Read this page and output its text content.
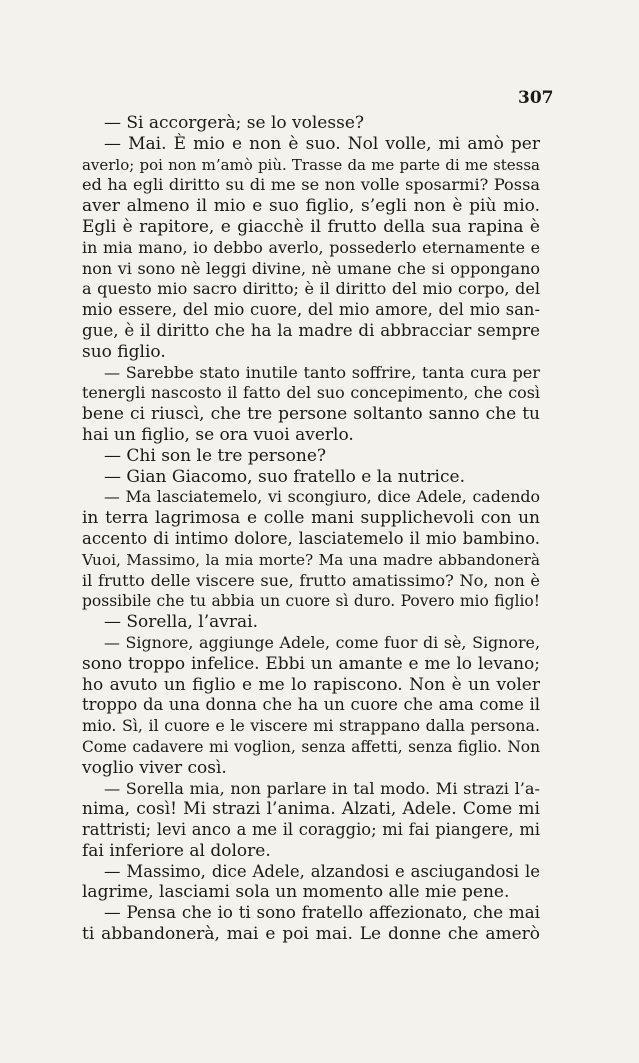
307
— Si accorgerà; se lo volesse?
— Mai. È mio e non è suo. Nol volle, mi amò per
averlo; poi non m’amò più. Trasse da me parte di me stessa
ed ha egli diritto su di me se non volle sposarmi? Possa
aver almeno il mio e suo figlio, s’egli non è più mio.
Egli è rapitore, e giacchè il frutto della sua rapina è
in mia mano, io debbo averlo, possederlo eternamente e
non vi sono nè leggi divine, nè umane che si oppongano
a questo mio sacro diritto; è il diritto del mio corpo, del
mio essere, del mio cuore, del mio amore, del mio san-
gue, è il diritto che ha la madre di abbracciar sempre
suo figlio.
— Sarebbe stato inutile tanto soffrire, tanta cura per
tenergli nascosto il fatto del suo concepimento, che così
bene ci riuscì, che tre persone soltanto sanno che tu
hai un figlio, se ora vuoi averlo.
— Chi son le tre persone?
— Gian Giacomo, suo fratello e la nutrice.
— Ma lasciatemelo, vi scongiuro, dice Adele, cadendo
in terra lagrimosa e colle mani supplichevoli con un
accento di intimo dolore, lasciatemelo il mio bambino.
Vuoi, Massimo, la mia morte? Ma una madre abbandonerà
il frutto delle viscere sue, frutto amatissimo? No, non è
possibile che tu abbia un cuore sì duro. Povero mio figlio!
— Sorella, l’avrai.
— Signore, aggiunge Adele, come fuor di sè, Signore,
sono troppo infelice. Ebbi un amante e me lo levano;
ho avuto un figlio e me lo rapiscono. Non è un voler
troppo da una donna che ha un cuore che ama come il
mio. Sì, il cuore e le viscere mi strappano dalla persona.
Come cadavere mi voglion, senza affetti, senza figlio. Non
voglio viver così.
— Sorella mia, non parlare in tal modo. Mi strazi l’a-
nima, così! Mi strazi l’anima. Alzati, Adele. Come mi
rattristi; levi anco a me il coraggio; mi fai piangere, mi
fai inferiore al dolore.
— Massimo, dice Adele, alzandosi e asciugandosi le
lagrime, lasciami sola un momento alle mie pene.
— Pensa che io ti sono fratello affezionato, che mai
ti abbandonerà, mai e poi mai. Le donne che amerò
